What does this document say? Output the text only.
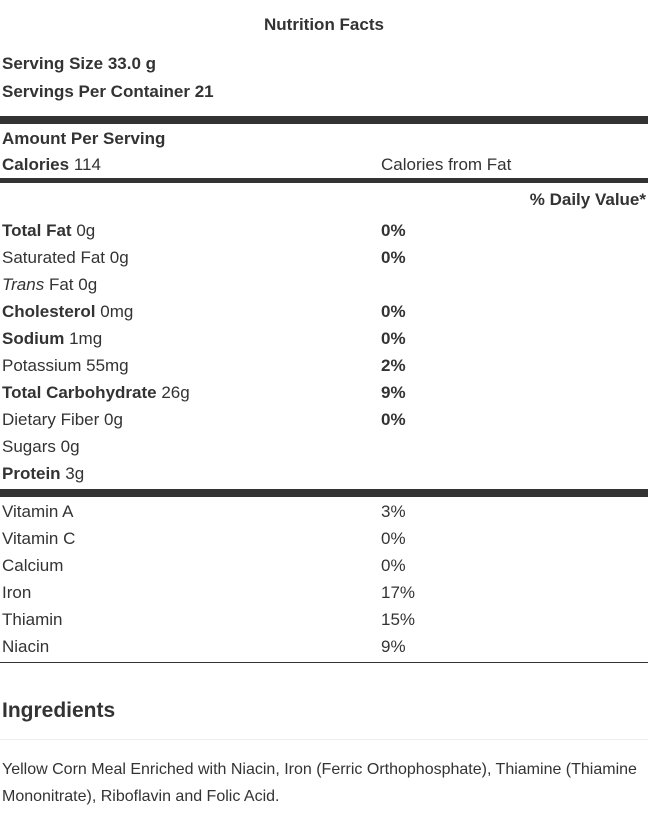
Nutrition Facts
Serving Size 33.0 g
Servings Per Container 21
Amount Per Serving
Calories 114	Calories from Fat
% Daily Value*
Total Fat 0g	0%
Saturated Fat 0g	0%
Trans Fat 0g
Cholesterol 0mg	0%
Sodium 1mg	0%
Potassium 55mg	2%
Total Carbohydrate 26g	9%
Dietary Fiber 0g	0%
Sugars 0g
Protein 3g
Vitamin A	3%
Vitamin C	0%
Calcium	0%
Iron	17%
Thiamin	15%
Niacin	9%
Ingredients
Yellow Corn Meal Enriched with Niacin, Iron (Ferric Orthophosphate), Thiamine (Thiamine Mononitrate), Riboflavin and Folic Acid.
